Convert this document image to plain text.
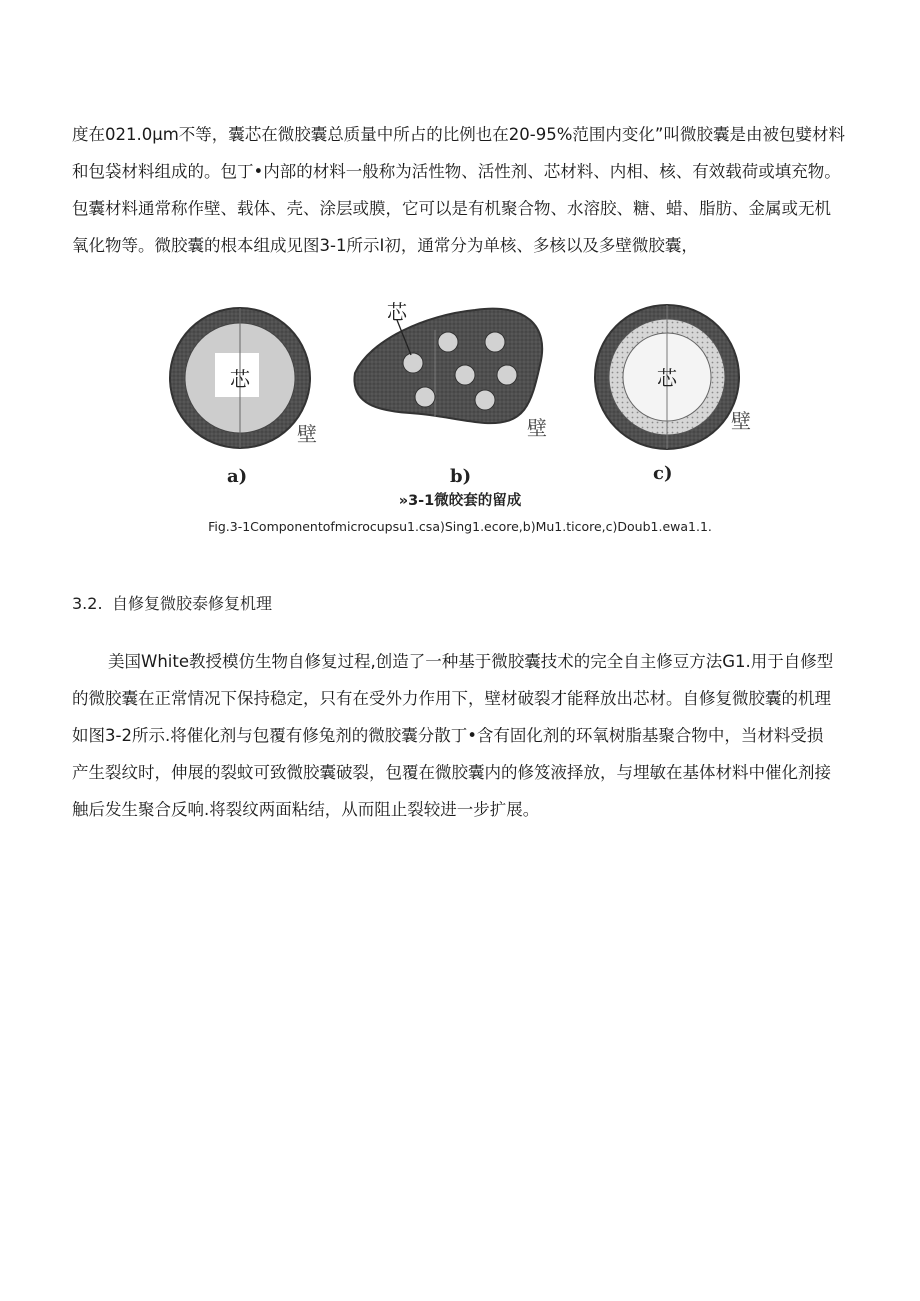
度在021.0μm不等，囊芯在微胶囊总质量中所占的比例也在20-95%范围内变化”叫微胶囊是由被包嬖材料

和包袋材料组成的。包丁•内部的材料一般称为活性物、活性剂、芯材料、内相、核、有效载荷或填充物。

包囊材料通常称作壁、载体、壳、涂层或膜，它可以是有机聚合物、水溶胶、糖、蜡、脂肪、金属或无机

氧化物等。微胶囊的根本组成见图3-1所示I初，通常分为单核、多核以及多壁微胶囊，

芯
壁
a)
芯
壁
b)
芯
壁
c)
»3-1微皎套的留成
Fig.3-1Componentofmicrocupsu1.csa)Sing1.ecore,b)Mu1.ticore,c)Doub1.ewa1.1.
3.2. 自修复微胶泰修复机理

美国White教授模仿生物自修复过程,创造了一种基于微胶囊技术的完全自主修豆方法G1.用于自修型

的微胶囊在正常情况下保持稳定，只有在受外力作用下，壁材破裂才能释放出芯材。自修复微胶囊的机理

如图3-2所示.将催化剂与包覆有修兔剂的微胶囊分散丁•含有固化剂的环氧树脂基聚合物中，当材料受损

产生裂纹时，伸展的裂蚊可致微胶囊破裂，包覆在微胶囊内的修笈液择放，与埋敏在基体材料中催化剂接

触后发生聚合反响.将裂纹两面粘结，从而阻止裂较进一步扩展。
